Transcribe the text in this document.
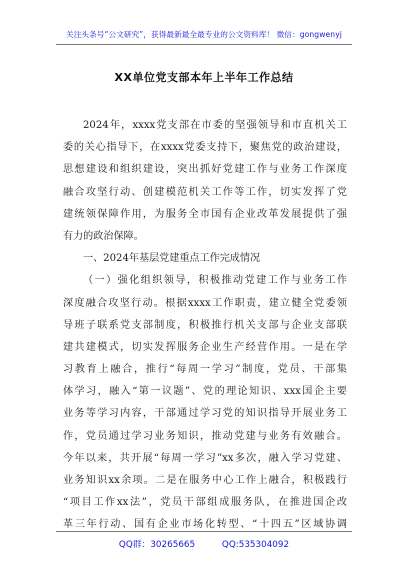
关注头条号“公文研究”，获得最新最全最专业的公文资料库！ 微信：gongwenyj
XX单位党支部本年上半年工作总结
2024年，xxxx党支部在市委的坚强领导和市直机关工
委的关心指导下，在xxxx党委支持下，聚焦党的政治建设，
思想建设和组织建设，突出抓好党建工作与业务工作深度
融合攻坚行动、创建模范机关工作等工作，切实发挥了党
建统领保障作用，为服务全市国有企业改革发展提供了强
有力的政治保障。
一、2024年基层党建重点工作完成情况
（一）强化组织领导，积极推动党建工作与业务工作
深度融合攻坚行动。根据xxxx工作职责，建立健全党委领
导班子联系党支部制度，积极推行机关支部与企业支部联
建共建模式，切实发挥服务企业生产经营作用。一是在学
习教育上融合，推行“每周一学习”制度，党员、干部集
体学习，融入“第一议题”、党的理论知识、xxx国企主要
业务等学习内容，干部通过学习党的知识指导开展业务工
作，党员通过学习业务知识，推动党建与业务有效融合。
今年以来，共开展“每周一学习”xx多次，融入学习党建、
业务知识xx余项。二是在服务中心工作上融合，积极践行
“项目工作xx法”，党员干部组成服务队，在推进国企改
革三年行动、国有企业市场化转型、“十四五”区域协调
QQ群：30265665	QQ:535304092
